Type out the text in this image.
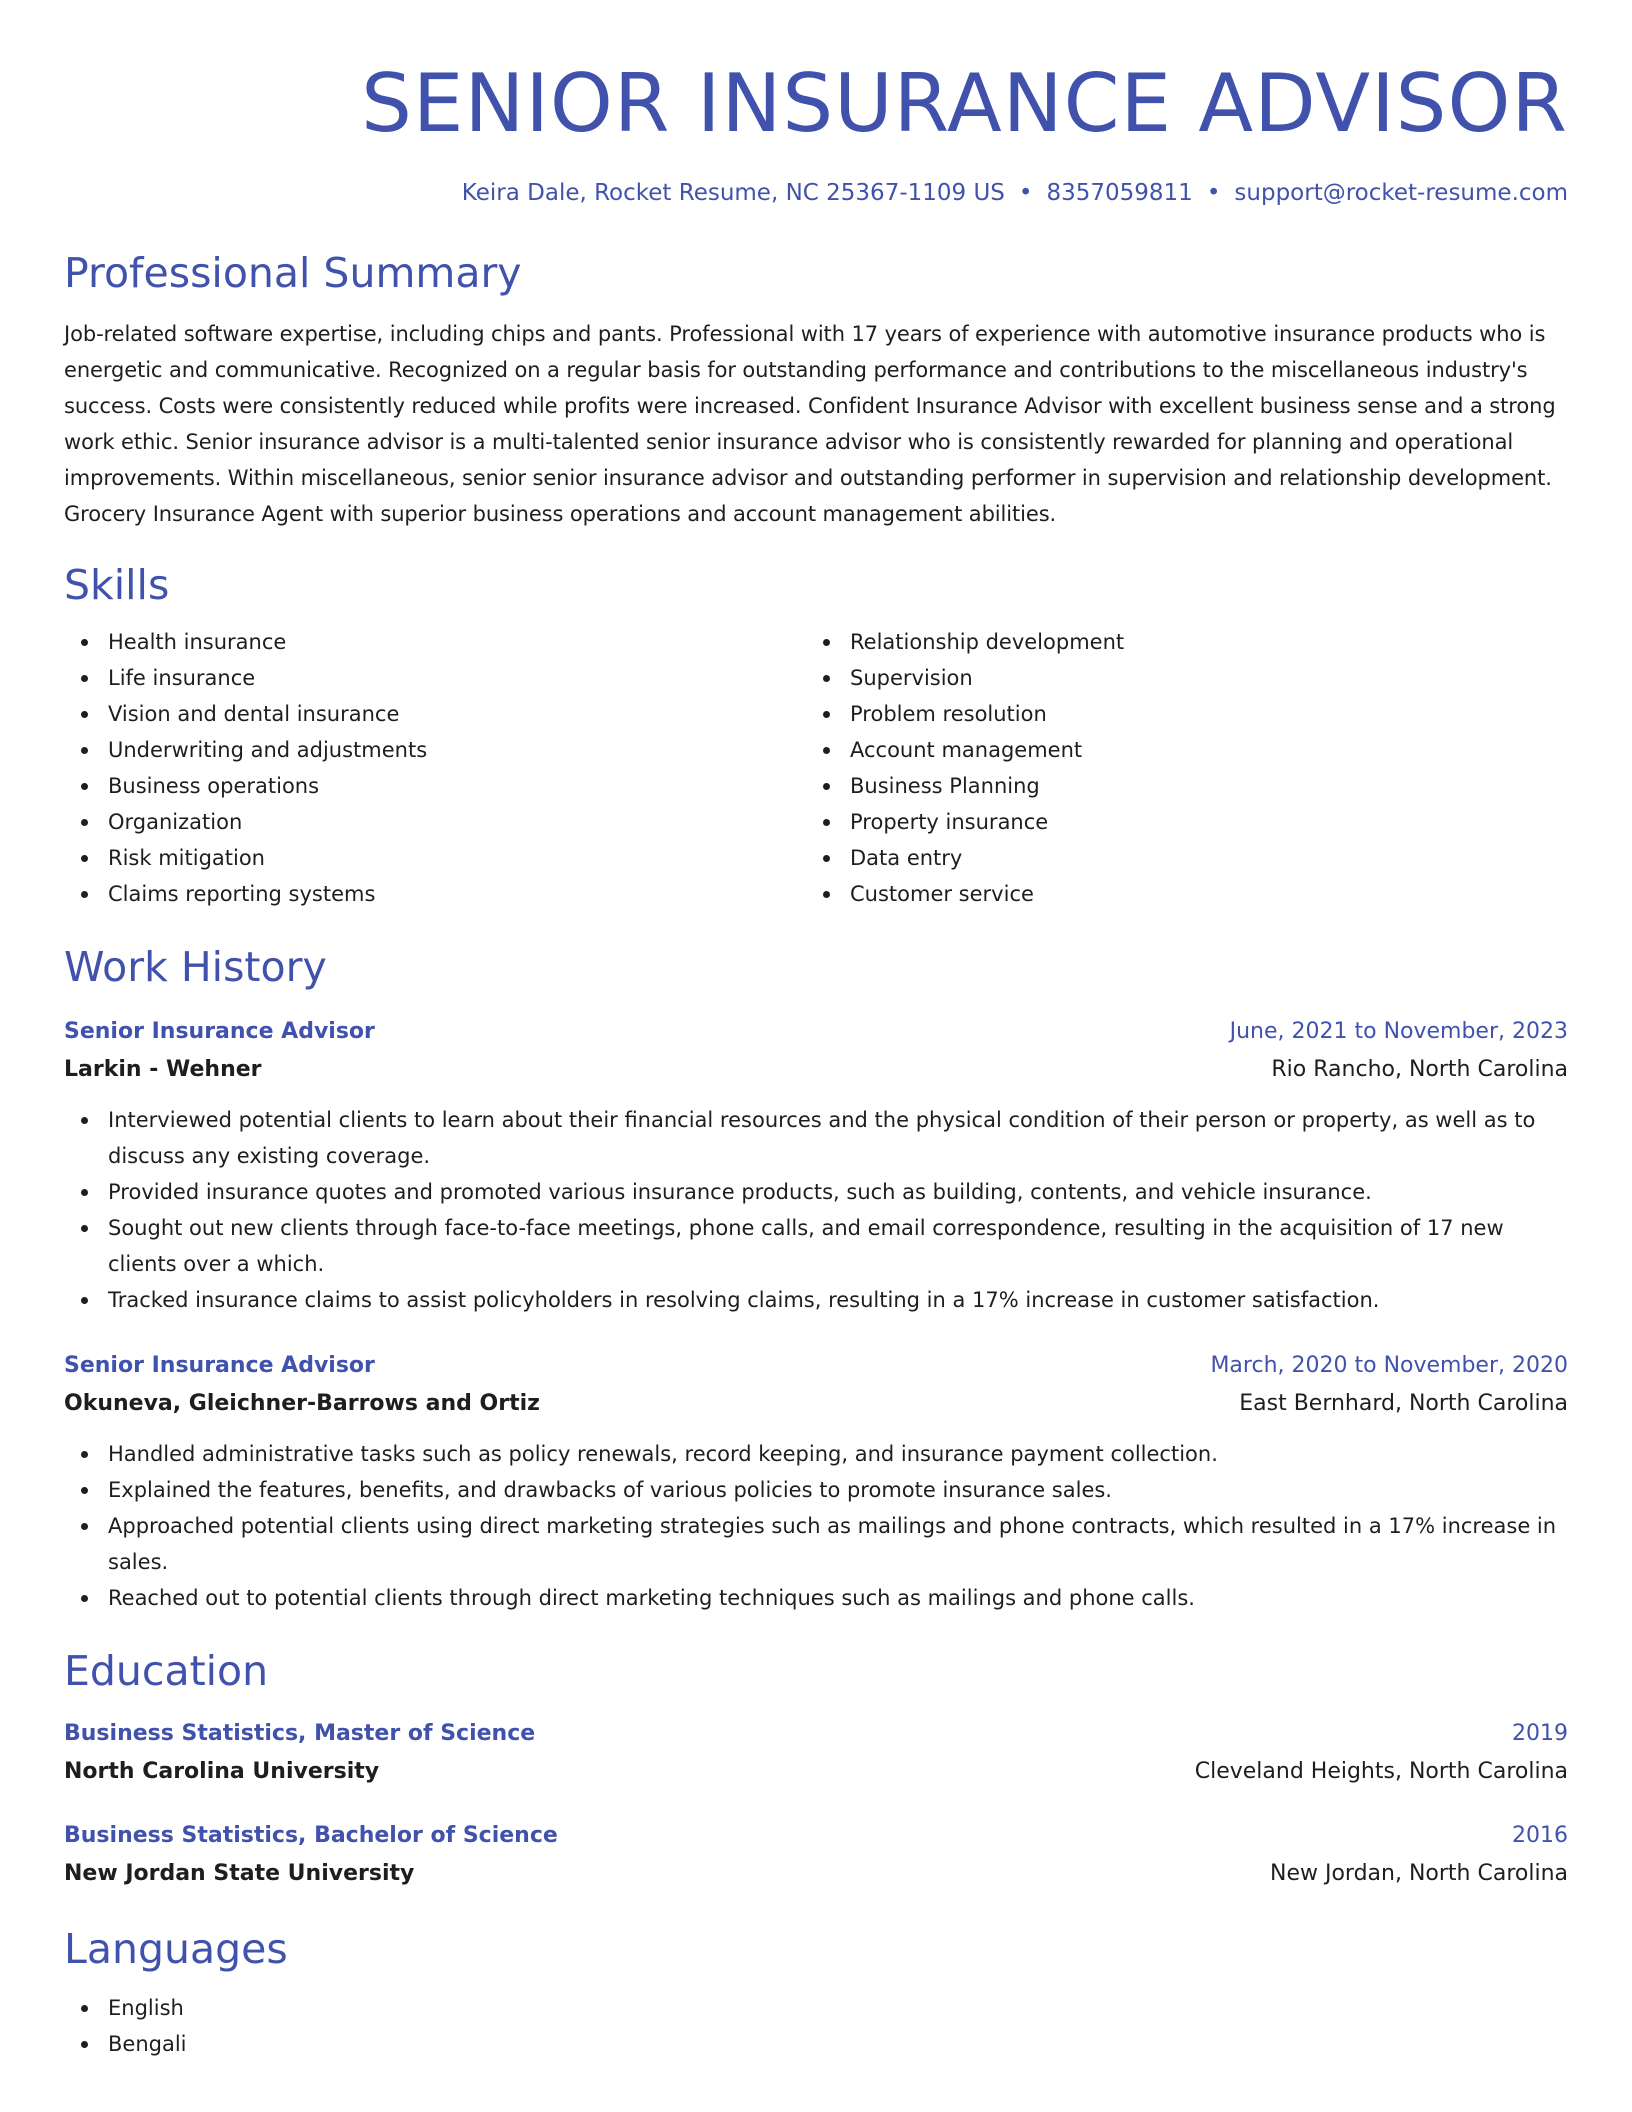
SENIOR INSURANCE ADVISOR
Keira Dale, Rocket Resume, NC 25367-1109 US • 8357059811 • support@rocket-resume.com
Professional Summary
Job-related software expertise, including chips and pants. Professional with 17 years of experience with automotive insurance products who is energetic and communicative. Recognized on a regular basis for outstanding performance and contributions to the miscellaneous industry's success. Costs were consistently reduced while profits were increased. Confident Insurance Advisor with excellent business sense and a strong work ethic. Senior insurance advisor is a multi-talented senior insurance advisor who is consistently rewarded for planning and operational improvements. Within miscellaneous, senior senior insurance advisor and outstanding performer in supervision and relationship development. Grocery Insurance Agent with superior business operations and account management abilities.
Skills
Health insurance
Life insurance
Vision and dental insurance
Underwriting and adjustments
Business operations
Organization
Risk mitigation
Claims reporting systems
Relationship development
Supervision
Problem resolution
Account management
Business Planning
Property insurance
Data entry
Customer service
Work History
Senior Insurance Advisor	June, 2021 to November, 2023
Larkin - Wehner	Rio Rancho, North Carolina
Interviewed potential clients to learn about their financial resources and the physical condition of their person or property, as well as to discuss any existing coverage.
Provided insurance quotes and promoted various insurance products, such as building, contents, and vehicle insurance.
Sought out new clients through face-to-face meetings, phone calls, and email correspondence, resulting in the acquisition of 17 new clients over a which.
Tracked insurance claims to assist policyholders in resolving claims, resulting in a 17% increase in customer satisfaction.
Senior Insurance Advisor	March, 2020 to November, 2020
Okuneva, Gleichner-Barrows and Ortiz	East Bernhard, North Carolina
Handled administrative tasks such as policy renewals, record keeping, and insurance payment collection.
Explained the features, benefits, and drawbacks of various policies to promote insurance sales.
Approached potential clients using direct marketing strategies such as mailings and phone contracts, which resulted in a 17% increase in sales.
Reached out to potential clients through direct marketing techniques such as mailings and phone calls.
Education
Business Statistics, Master of Science	2019
North Carolina University	Cleveland Heights, North Carolina
Business Statistics, Bachelor of Science	2016
New Jordan State University	New Jordan, North Carolina
Languages
English
Bengali
